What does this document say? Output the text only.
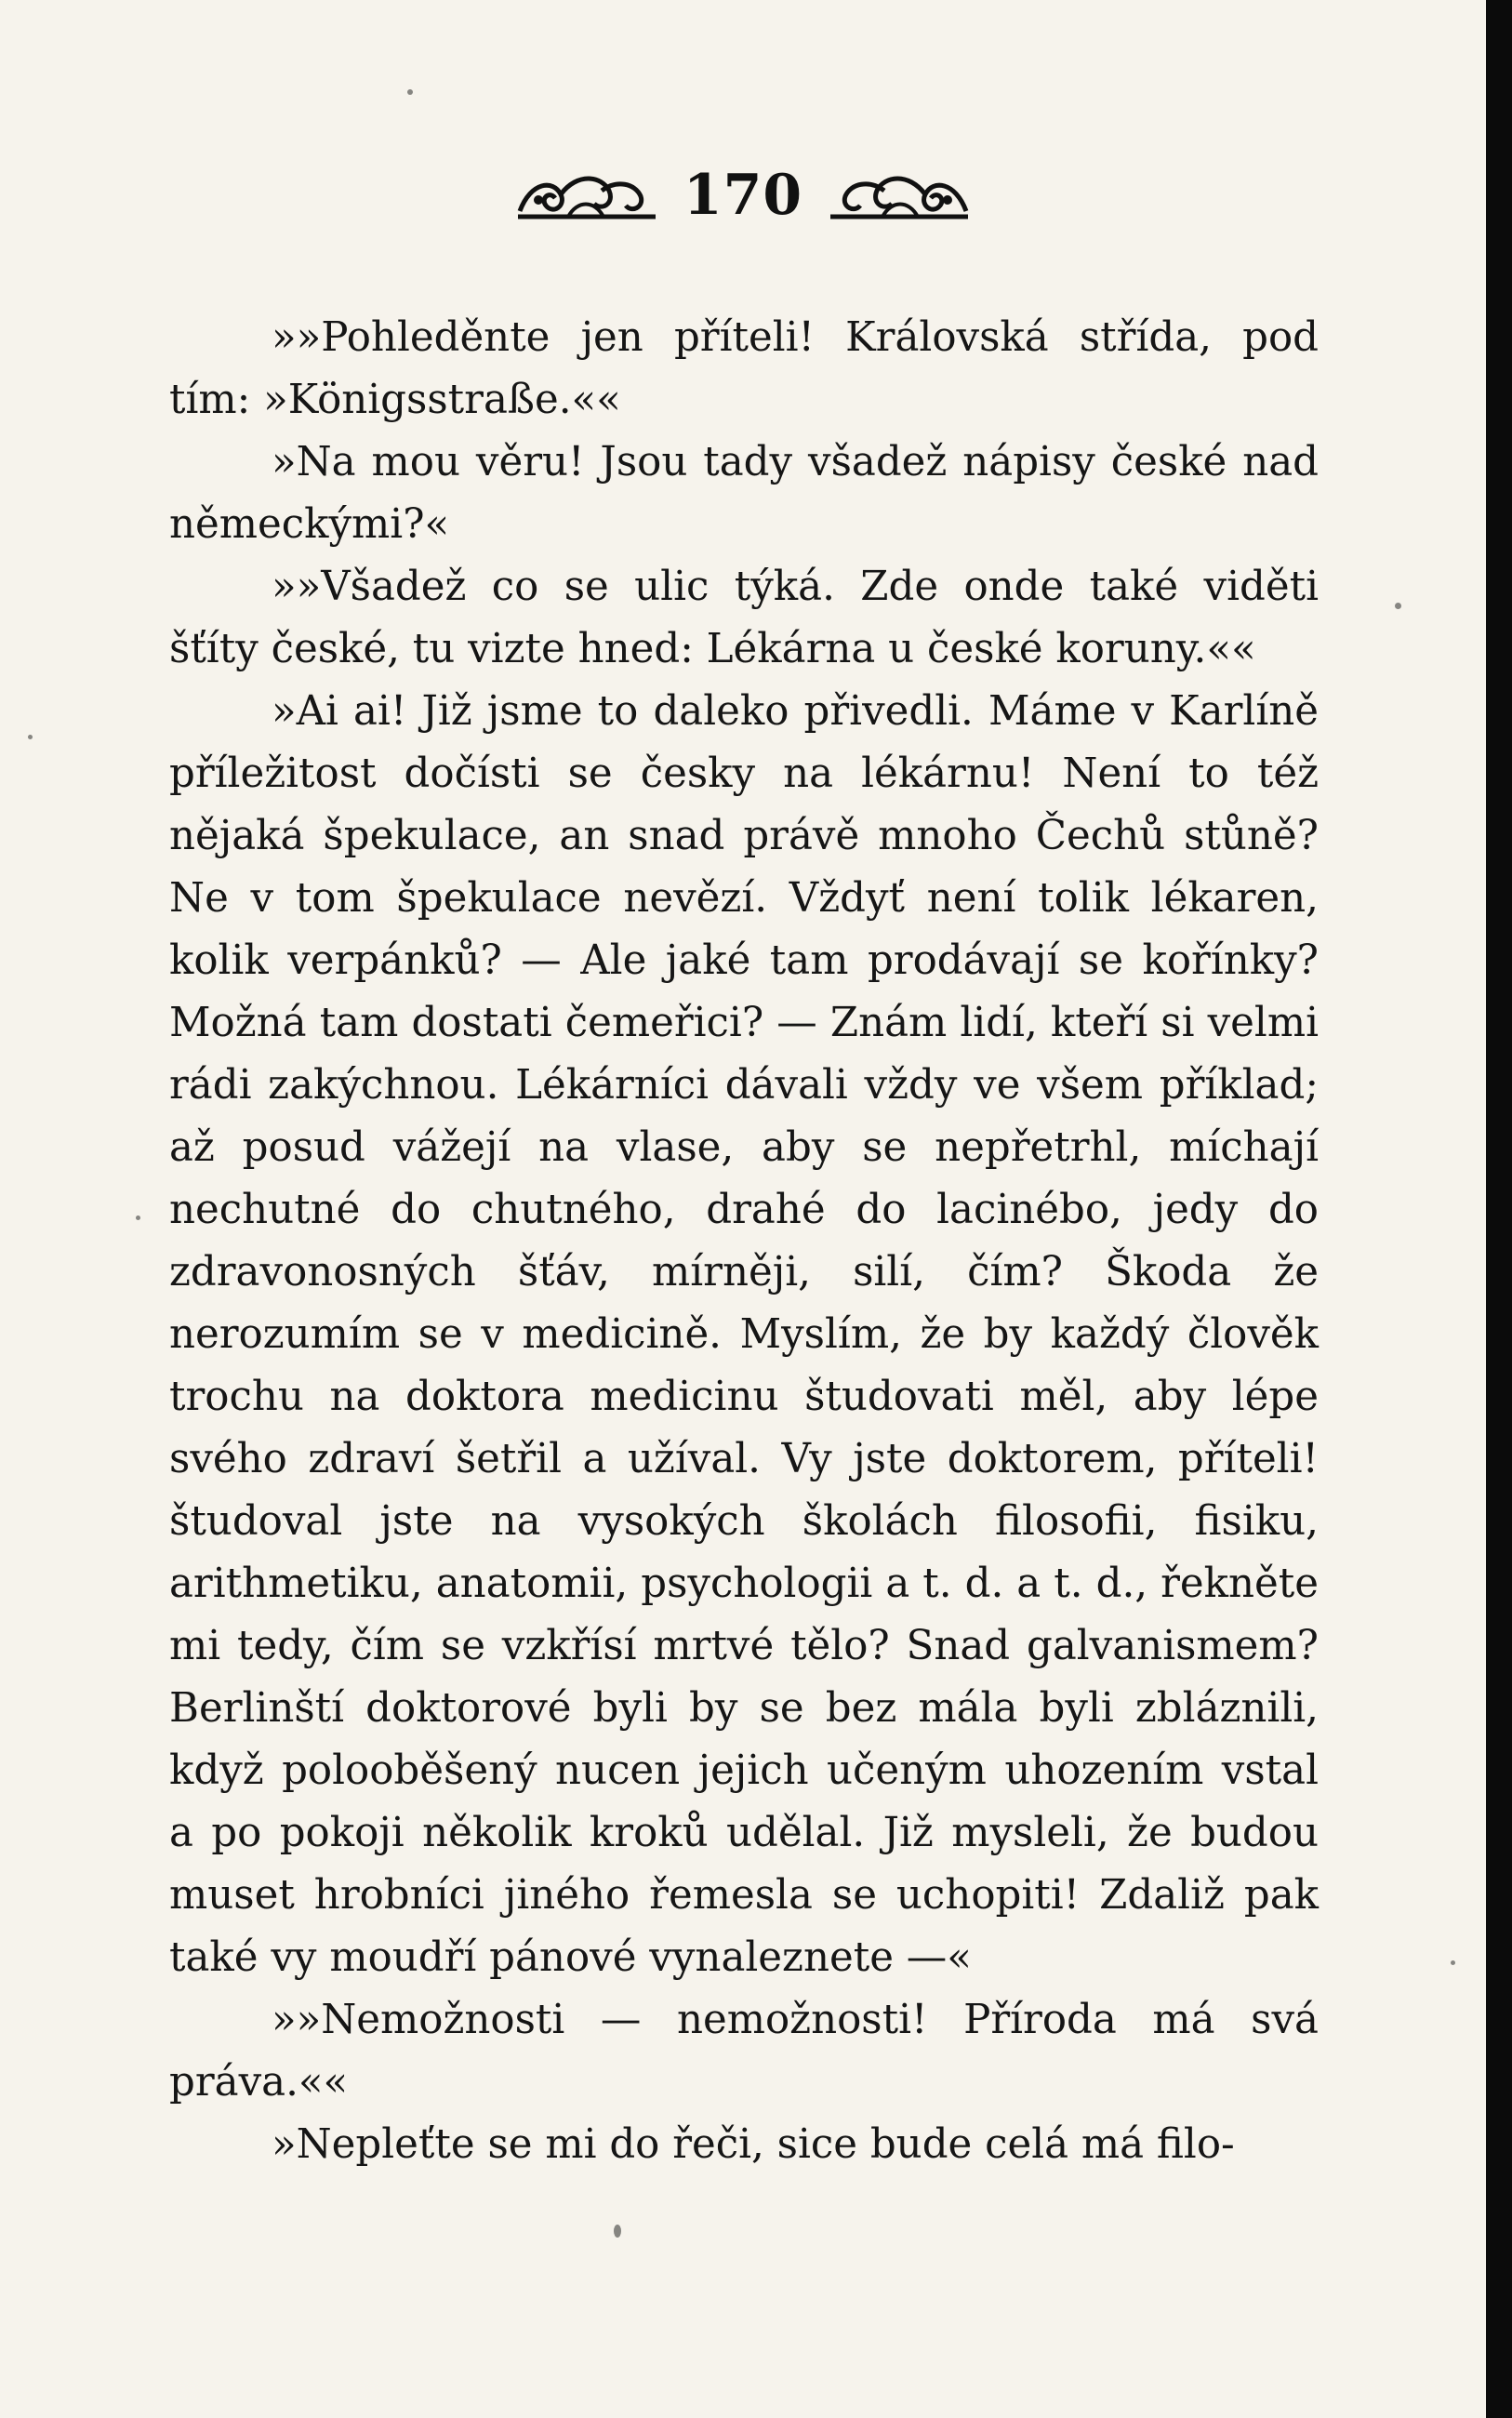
170

»»Pohleděnte jen příteli! Královská střída, pod tím: »Königsstraße.««

»Na mou věru! Jsou tady všadež nápisy české nad německými?«

»»Všadež co se ulic týká. Zde onde také viděti šťíty české, tu vizte hned: Lékárna u české koruny.««

»Ai ai! Již jsme to daleko přivedli. Máme v Karlíně příležitost dočísti se česky na lékárnu! Není to též nějaká špekulace, an snad právě mnoho Čechů stůně? Ne v tom špekulace nevězí. Vždyť není tolik lékaren, kolik verpánků? — Ale jaké tam prodávají se kořínky? Možná tam dostati čemeřici? — Znám lidí, kteří si velmi rádi zakýchnou. Lékárníci dávali vždy ve všem příklad; až posud vážejí na vlase, aby se nepřetrhl, míchají nechutné do chutného, drahé do lacinébo, jedy do zdravonosných šťáv, mírněji, silí, čím? Škoda že nerozumím se v medicině. Myslím, že by každý člověk trochu na doktora medicinu študovati měl, aby lépe svého zdraví šetřil a užíval. Vy jste doktorem, příteli! študoval jste na vysokých školách filosofii, fisiku, arithmetiku, anatomii, psychologii a t. d. a t. d., řekněte mi tedy, čím se vzkřísí mrtvé tělo? Snad galvanismem? Berlinští doktorové byli by se bez mála byli zbláznili, když polooběšený nucen jejich učeným uhozením vstal a po pokoji několik kroků udělal. Již mysleli, že budou muset hrobníci jiného řemesla se uchopiti! Zdaliž pak také vy moudří pánové vynaleznete —«

»»Nemožnosti — nemožnosti! Příroda má svá práva.««

»Nepleťte se mi do řeči, sice bude celá má filo-
